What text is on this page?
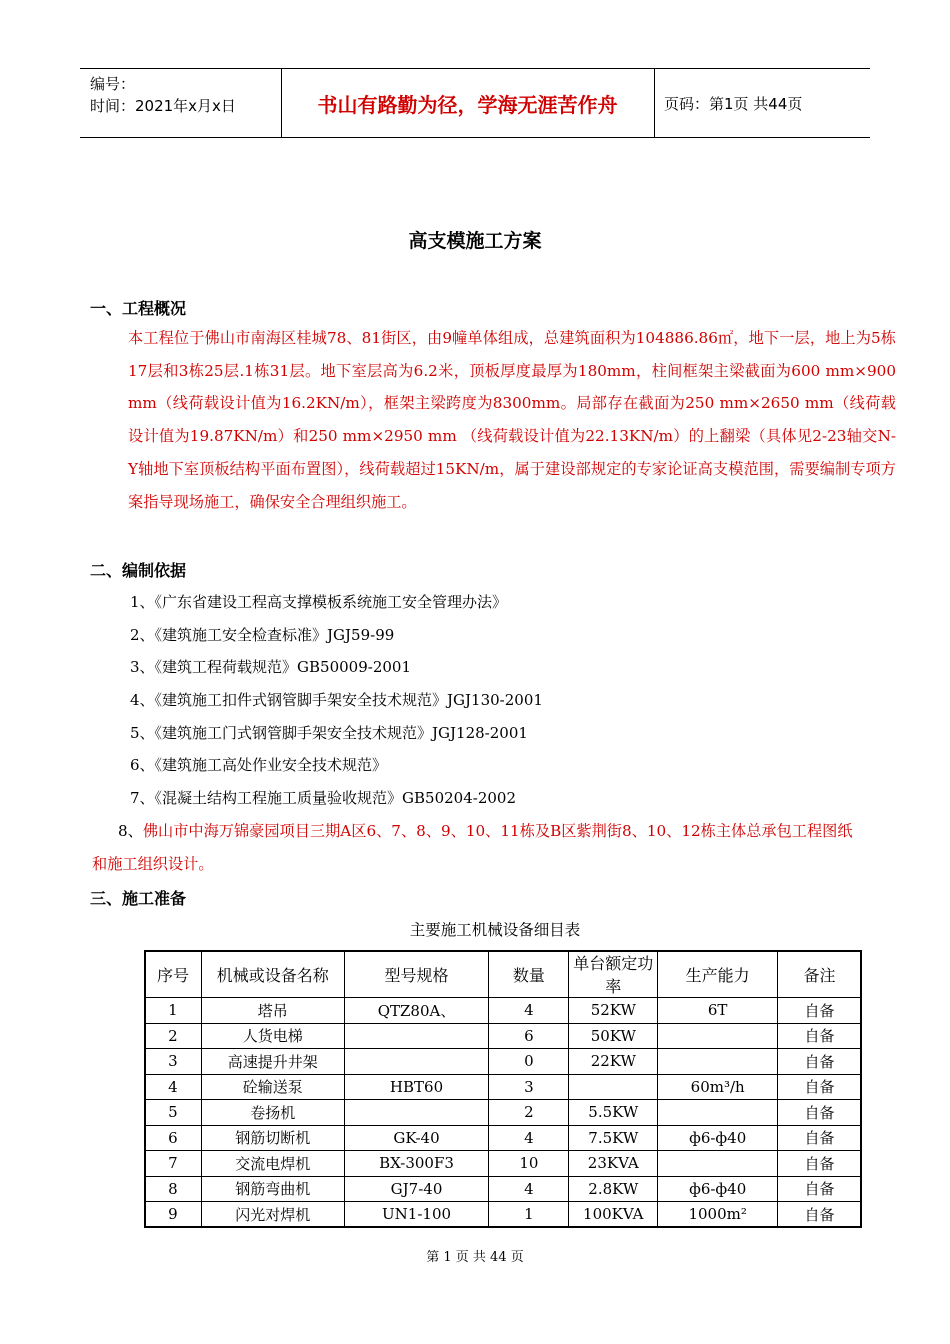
编号：
时间：2021年x月x日	书山有路勤为径，学海无涯苦作舟	页码：第1页 共44页
高支模施工方案
一、工程概况
本工程位于佛山市南海区桂城78、81街区，由9幢单体组成，总建筑面积为104886.86㎡，地下一层，地上为5栋17层和3栋25层.1栋31层。地下室层高为6.2米，顶板厚度最厚为180mm，柱间框架主梁截面为600 mm×900 mm（线荷载设计值为16.2KN/m），框架主梁跨度为8300mm。局部存在截面为250 mm×2650 mm（线荷载设计值为19.87KN/m）和250 mm×2950 mm （线荷载设计值为22.13KN/m）的上翻梁（具体见2-23轴交N-Y轴地下室顶板结构平面布置图），线荷载超过15KN/m，属于建设部规定的专家论证高支模范围，需要编制专项方案指导现场施工，确保安全合理组织施工。
二、编制依据
1、《广东省建设工程高支撑模板系统施工安全管理办法》
2、《建筑施工安全检查标准》JGJ59-99
3、《建筑工程荷载规范》GB50009-2001
4、《建筑施工扣件式钢管脚手架安全技术规范》JGJ130-2001
5、《建筑施工门式钢管脚手架安全技术规范》JGJ128-2001
6、《建筑施工高处作业安全技术规范》
7、《混凝土结构工程施工质量验收规范》GB50204-2002
8、佛山市中海万锦豪园项目三期A区6、7、8、9、10、11栋及B区紫荆街8、10、12栋主体总承包工程图纸和施工组织设计。
三、施工准备
主要施工机械设备细目表
序号	机械或设备名称	型号规格	数量	单台额定功率	生产能力	备注
1	塔吊	QTZ80A、	4	52KW	6T	自备
2	人货电梯		6	50KW		自备
3	高速提升井架		0	22KW		自备
4	砼输送泵	HBT60	3		60m³/h	自备
5	卷扬机		2	5.5KW		自备
6	钢筋切断机	GK-40	4	7.5KW	ф6-ф40	自备
7	交流电焊机	BX-300F3	10	23KVA		自备
8	钢筋弯曲机	GJ7-40	4	2.8KW	ф6-ф40	自备
9	闪光对焊机	UN1-100	1	100KVA	1000m²	自备
第 1 页 共 44 页
